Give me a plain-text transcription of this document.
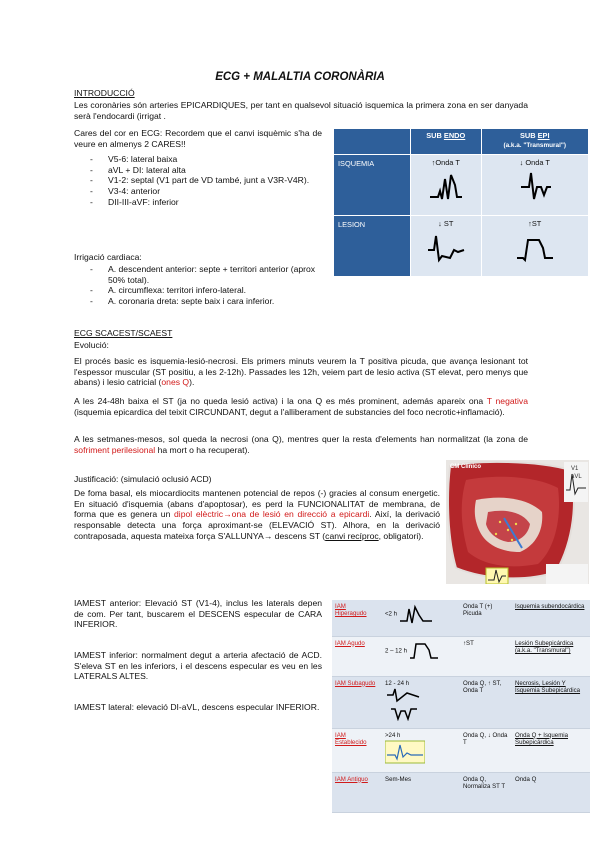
ECG + MALALTIA CORONÀRIA
INTRODUCCIÓ
Les coronàries són arteries EPICARDIQUES, per tant en qualsevol situació isquemica la primera zona en ser danyada serà l'endocardi (irrigat .
Cares del cor en ECG: Recordem que el canvi isquèmic s'ha de veure en almenys 2 CARES!!
- V5-6: lateral baixa
- aVL + DI: lateral alta
- V1-2: septal (V1 part de VD també, junt a V3R-V4R).
- V3-4: anterior
- DII-III-aVF: inferior
Irrigació cardiaca:
- A. descendent anterior: septe + territori anterior (aprox 50% total).
- A. circumflexa: territori infero-lateral.
- A. coronaria dreta: septe baix i cara inferior.
	SUB ENDO	SUB EPI
(a.k.a. "Transmural")
ISQUEMIA	↑Onda T	↓ Onda T

LESION	↓ ST	↑ST
ECG SCACEST/SCAEST
Evolució:

El procés basic es isquemia-lesió-necrosi. Els primers minuts veurem la T positiva picuda, que avança lesionant tot l'espessor muscular (ST positiu, a les 2-12h). Passades les 12h, veiem part de lesio activa (ST elevat, pero menys que abans) i lesio catricial (ones Q).

A les 24-48h baixa el ST (ja no queda lesió activa) i la ona Q es més prominent, además apareix ona T negativa (isquemia epicardica del teixit CIRCUNDANT, degut a l'alliberament de substancies del foco necrotic+inflamació).

A les setmanes-mesos, sol queda la necrosi (ona Q), mentres quer la resta d'elements han normalitzat (la zona de sofriment perilesional ha mort o ha recuperat).

Justificació: (simulació oclusió ACD)

De foma basal, els miocardiocits mantenen potencial de repos (-) gracies al consum energetic. En situació d'isquemia (abans d'apoptosar), es perd la FUNCIONALITAT de membrana, de forma que es genera un dipol elèctric→ona de lesió en direcció a epicardi. Així, la derivació responsable detecta una força aproximant-se (ELEVACIÓ ST). Alhora, en la derivació contraposada, aquesta mateixa força S'ALLUNYA→ descens ST (canvi recíproc, obligatori).

CM Clinico	V1
aVL

IAMEST anterior: Elevació ST (V1-4), inclus les laterals depen de com. Per tant, buscarem el DESCENS especular de CARA INFERIOR.

IAMEST inferior: normalment degut a arteria afectació de ACD. S'eleva ST en les inferiors, i el descens especular es veu en les LATERALS ALTES.

IAMEST lateral: elevació DI-aVL, descens especular INFERIOR.

IAM Hiperagudo	<2 h	Onda T (+) Picuda	Isquemia subendocárdica
IAM Agudo	2 – 12 h	↑ST	Lesión Subepicárdica (a.k.a. "Transmural")
IAM Subagudo	12 - 24 h	Onda Q, ↑ ST, Onda T	Necrosis, Lesión Y Isquemia Subepicárdica
IAM Establecido	>24 h	Onda Q, ↓ Onda T	Onda Q + Isquemia Subepicárdica
IAM Antiguo	Sem-Mes	Onda Q, Normaliza ST T	Onda Q
